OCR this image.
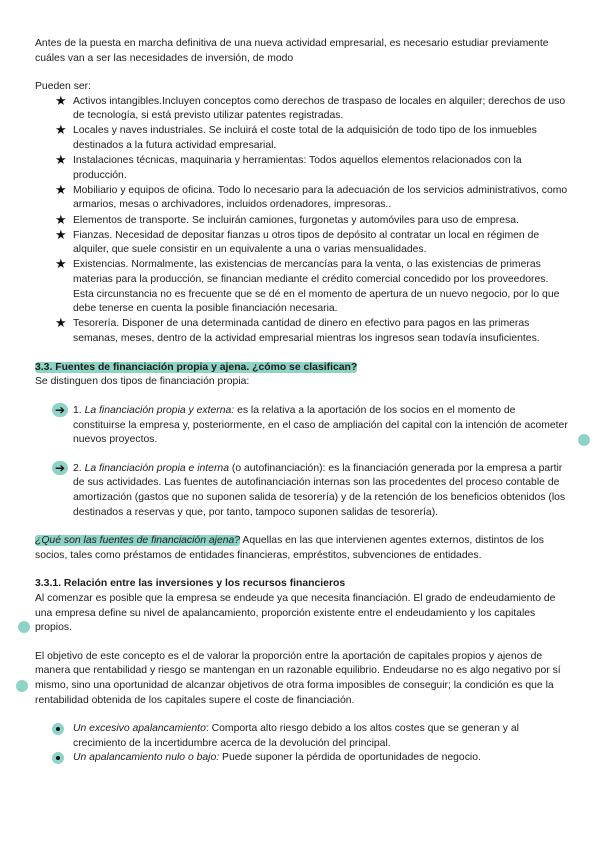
Antes de la puesta en marcha definitiva de una nueva actividad empresarial, es necesario estudiar previamente cuáles van a ser las necesidades de inversión, de modo

Pueden ser:

★ Activos intangibles.Incluyen conceptos como derechos de traspaso de locales en alquiler; derechos de uso de tecnología, si está previsto utilizar patentes registradas.
★ Locales y naves industriales. Se incluirá el coste total de la adquisición de todo tipo de los inmuebles destinados a la futura actividad empresarial.
★ Instalaciones técnicas, maquinaria y herramientas: Todos aquellos elementos relacionados con la producción.
★ Mobiliario y equipos de oficina. Todo lo necesario para la adecuación de los servicios administrativos, como armarios, mesas o archivadores, incluidos ordenadores, impresoras..
★ Elementos de transporte. Se incluirán camiones, furgonetas y automóviles para uso de empresa.
★ Fianzas. Necesidad de depositar fianzas u otros tipos de depósito al contratar un local en régimen de alquiler, que suele consistir en un equivalente a una o varias mensualidades.
★ Existencias. Normalmente, las existencias de mercancías para la venta, o las existencias de primeras materias para la producción, se financian mediante el crédito comercial concedido por los proveedores. Esta circunstancia no es frecuente que se dé en el momento de apertura de un nuevo negocio, por lo que debe tenerse en cuenta la posible financiación necesaria.
★ Tesorería. Disponer de una determinada cantidad de dinero en efectivo para pagos en las primeras semanas, meses, dentro de la actividad empresarial mientras los ingresos sean todavía insuficientes.
3.3. Fuentes de financiación propia y ajena. ¿cómo se clasifican?

Se distinguen dos tipos de financiación propia:

➔ 1. La financiación propia y externa: es la relativa a la aportación de los socios en el momento de constituirse la empresa y, posteriormente, en el caso de ampliación del capital con la intención de acometer nuevos proyectos.
➔ 2. La financiación propia e interna (o autofinanciación): es la financiación generada por la empresa a partir de sus actividades. Las fuentes de autofinanciación internas son las procedentes del proceso contable de amortización (gastos que no suponen salida de tesorería) y de la retención de los beneficios obtenidos (los destinados a reservas y que, por tanto, tampoco suponen salidas de tesorería).

¿Qué son las fuentes de financiación ajena? Aquellas en las que intervienen agentes externos, distintos de los socios, tales como préstamos de entidades financieras, empréstitos, subvenciones de entidades.

3.3.1. Relación entre las inversiones y los recursos financieros

Al comenzar es posible que la empresa se endeude ya que necesita financiación. El grado de endeudamiento de una empresa define su nivel de apalancamiento, proporción existente entre el endeudamiento y los capitales propios.

El objetivo de este concepto es el de valorar la proporción entre la aportación de capitales propios y ajenos de manera que rentabilidad y riesgo se mantengan en un razonable equilibrio. Endeudarse no es algo negativo por sí mismo, sino una oportunidad de alcanzar objetivos de otra forma imposibles de conseguir; la condición es que la rentabilidad obtenida de los capitales supere el coste de financiación.

Un excesivo apalancamiento: Comporta alto riesgo debido a los altos costes que se generan y al crecimiento de la incertidumbre acerca de la devolución del principal.
Un apalancamiento nulo o bajo: Puede suponer la pérdida de oportunidades de negocio.
